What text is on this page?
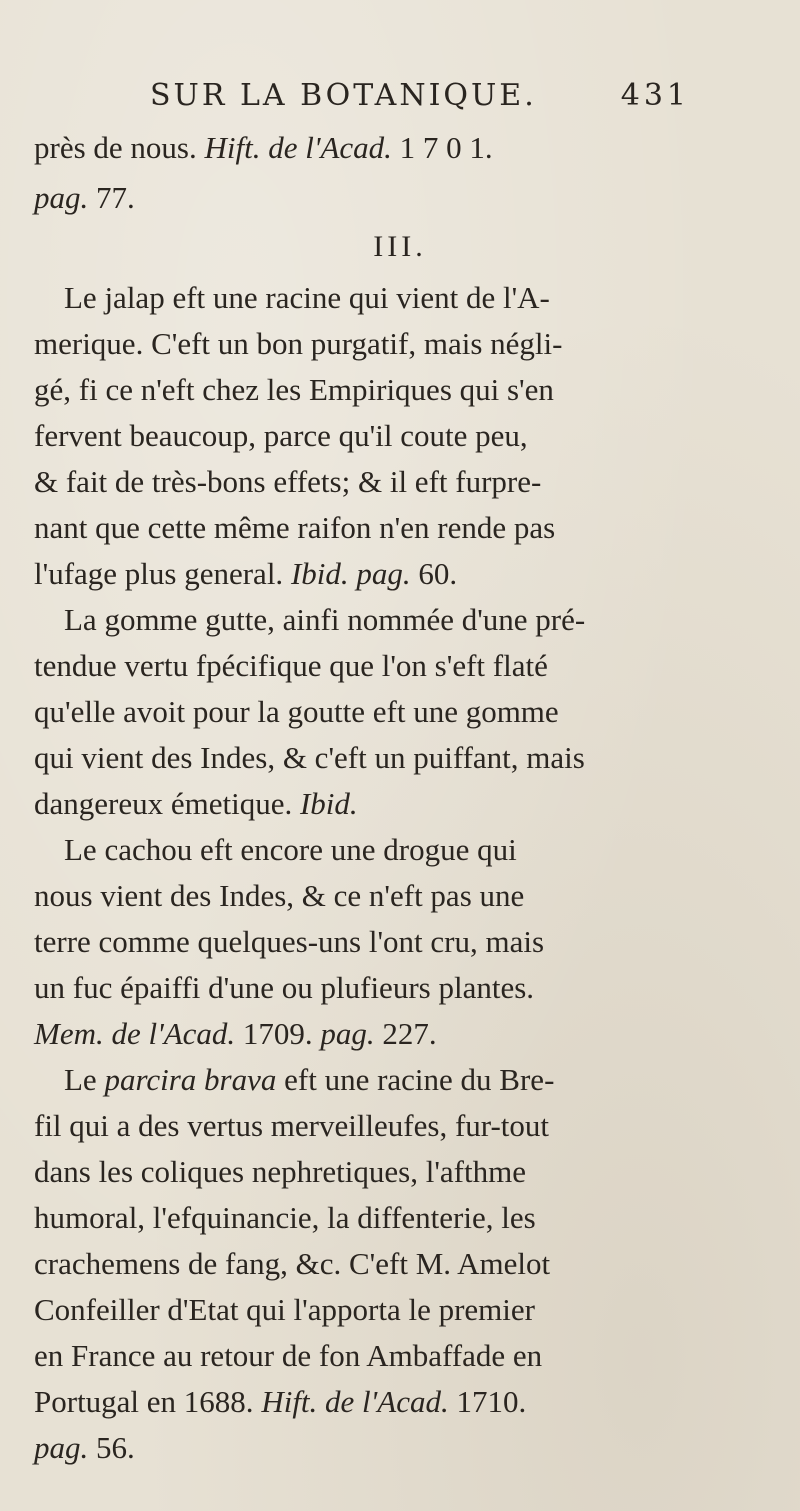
SUR LA BOTANIQUE.	431
près de nous. Hift. de l'Acad. 1 7 0 1.
pag. 77.
III.
Le jalap eft une racine qui vient de l'A-
merique. C'eft un bon purgatif, mais négli-
gé, fi ce n'eft chez les Empiriques qui s'en
fervent beaucoup, parce qu'il coute peu,
& fait de très-bons effets; & il eft furpre-
nant que cette même raifon n'en rende pas
l'ufage plus general. Ibid. pag. 60.
La gomme gutte, ainfi nommée d'une pré-
tendue vertu fpécifique que l'on s'eft flaté
qu'elle avoit pour la goutte eft une gomme
qui vient des Indes, & c'eft un puiffant, mais
dangereux émetique. Ibid.
Le cachou eft encore une drogue qui
nous vient des Indes, & ce n'eft pas une
terre comme quelques-uns l'ont cru, mais
un fuc épaiffi d'une ou plufieurs plantes.
Mem. de l'Acad. 1709. pag. 227.
Le parcira brava eft une racine du Bre-
fil qui a des vertus merveilleufes, fur-tout
dans les coliques nephretiques, l'afthme
humoral, l'efquinancie, la diffenterie, les
crachemens de fang, &c. C'eft M. Amelot
Confeiller d'Etat qui l'apporta le premier
en France au retour de fon Ambaffade en
Portugal en 1688. Hift. de l'Acad. 1710.
pag. 56.
